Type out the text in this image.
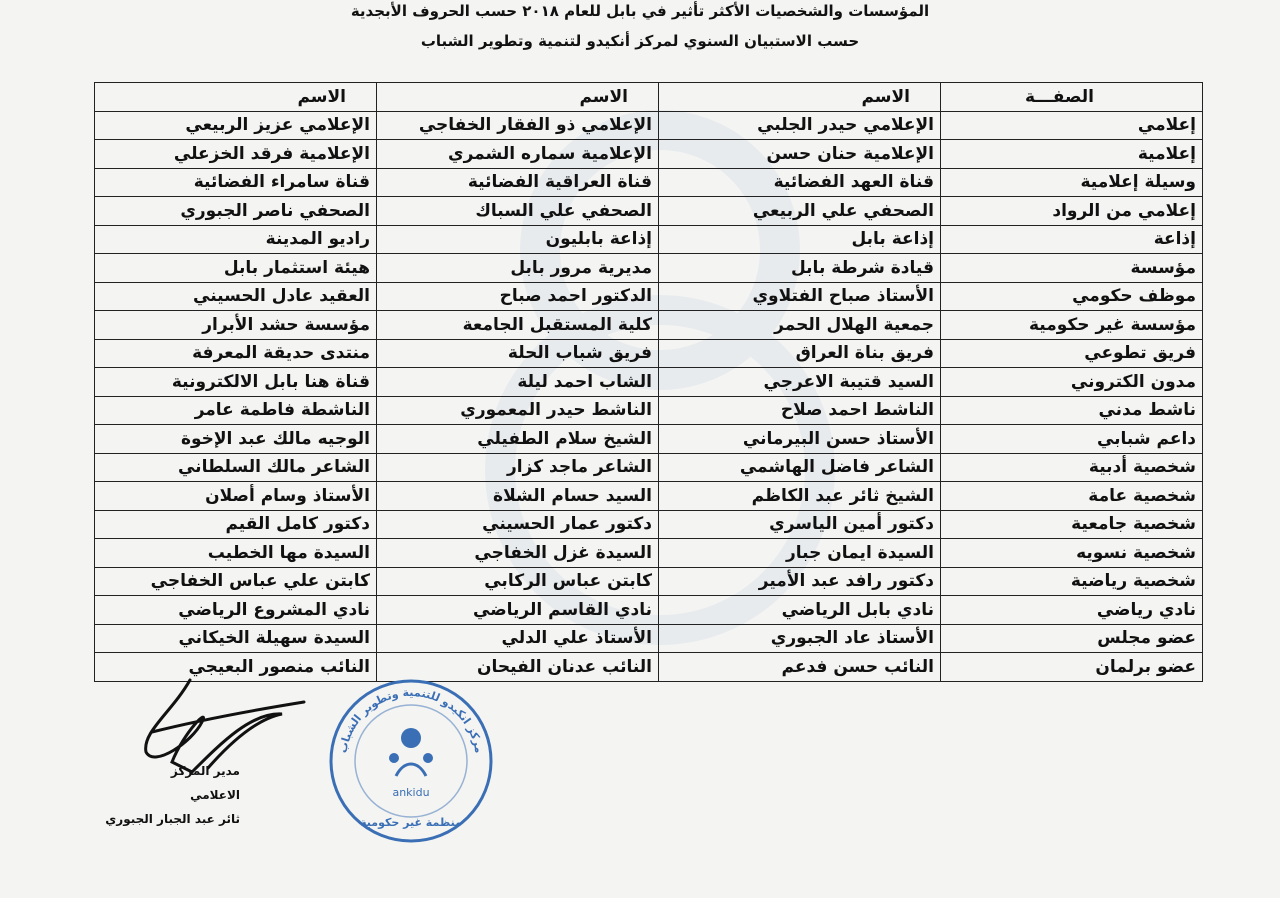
المؤسسات والشخصيات الأكثر تأثير في بابل للعام ٢٠١٨ حسب الحروف الأبجدية
حسب الاستبيان السنوي لمركز أنكيدو لتنمية وتطوير الشباب
الصفـــة	الاسم	الاسم	الاسم
إعلامي	الإعلامي حيدر الجلبي	الإعلامي ذو الفقار الخفاجي	الإعلامي عزيز الربيعي
إعلامية	الإعلامية حنان حسن	الإعلامية سماره الشمري	الإعلامية فرقد الخزعلي
وسيلة إعلامية	قناة العهد الفضائية	قناة العراقية الفضائية	قناة سامراء الفضائية
إعلامي من الرواد	الصحفي علي الربيعي	الصحفي علي السباك	الصحفي ناصر الجبوري
إذاعة	إذاعة بابل	إذاعة بابليون	راديو المدينة
مؤسسة	قيادة شرطة بابل	مديرية مرور بابل	هيئة استثمار بابل
موظف حكومي	الأستاذ صباح الفتلاوي	الدكتور احمد صباح	العقيد عادل الحسيني
مؤسسة غير حكومية	جمعية الهلال الحمر	كلية المستقبل الجامعة	مؤسسة حشد الأبرار
فريق تطوعي	فريق بناة العراق	فريق شباب الحلة	منتدى حديقة المعرفة
مدون الكتروني	السيد قتيبة الاعرجي	الشاب احمد ليلة	قناة هنا بابل الالكترونية
ناشط مدني	الناشط احمد صلاح	الناشط حيدر المعموري	الناشطة فاطمة عامر
داعم شبابي	الأستاذ حسن البيرماني	الشيخ سلام الطفيلي	الوجيه مالك عبد الإخوة
شخصية أدبية	الشاعر فاضل الهاشمي	الشاعر ماجد كزار	الشاعر مالك السلطاني
شخصية عامة	الشيخ ثائر عبد الكاظم	السيد حسام الشلاة	الأستاذ وسام أصلان
شخصية جامعية	دكتور أمين الياسري	دكتور عمار الحسيني	دكتور كامل القيم
شخصية نسويه	السيدة ايمان جبار	السيدة غزل الخفاجي	السيدة مها الخطيب
شخصية رياضية	دكتور رافد عبد الأمير	كابتن عباس الركابي	كابتن علي عباس الخفاجي
نادي رياضي	نادي بابل الرياضي	نادي القاسم الرياضي	نادي المشروع الرياضي
عضو مجلس	الأستاذ عاد الجبوري	الأستاذ علي الدلي	السيدة سهيلة الخيكاني
عضو برلمان	النائب حسن فدعم	النائب عدنان الفيحان	النائب منصور البعيجي
مدير المركز
الاعلامي
ثائر عبد الجبار الجبوري
مركز انكيدو للتنمية وتطوير الشباب
ankidu
منظمة غير حكومية
